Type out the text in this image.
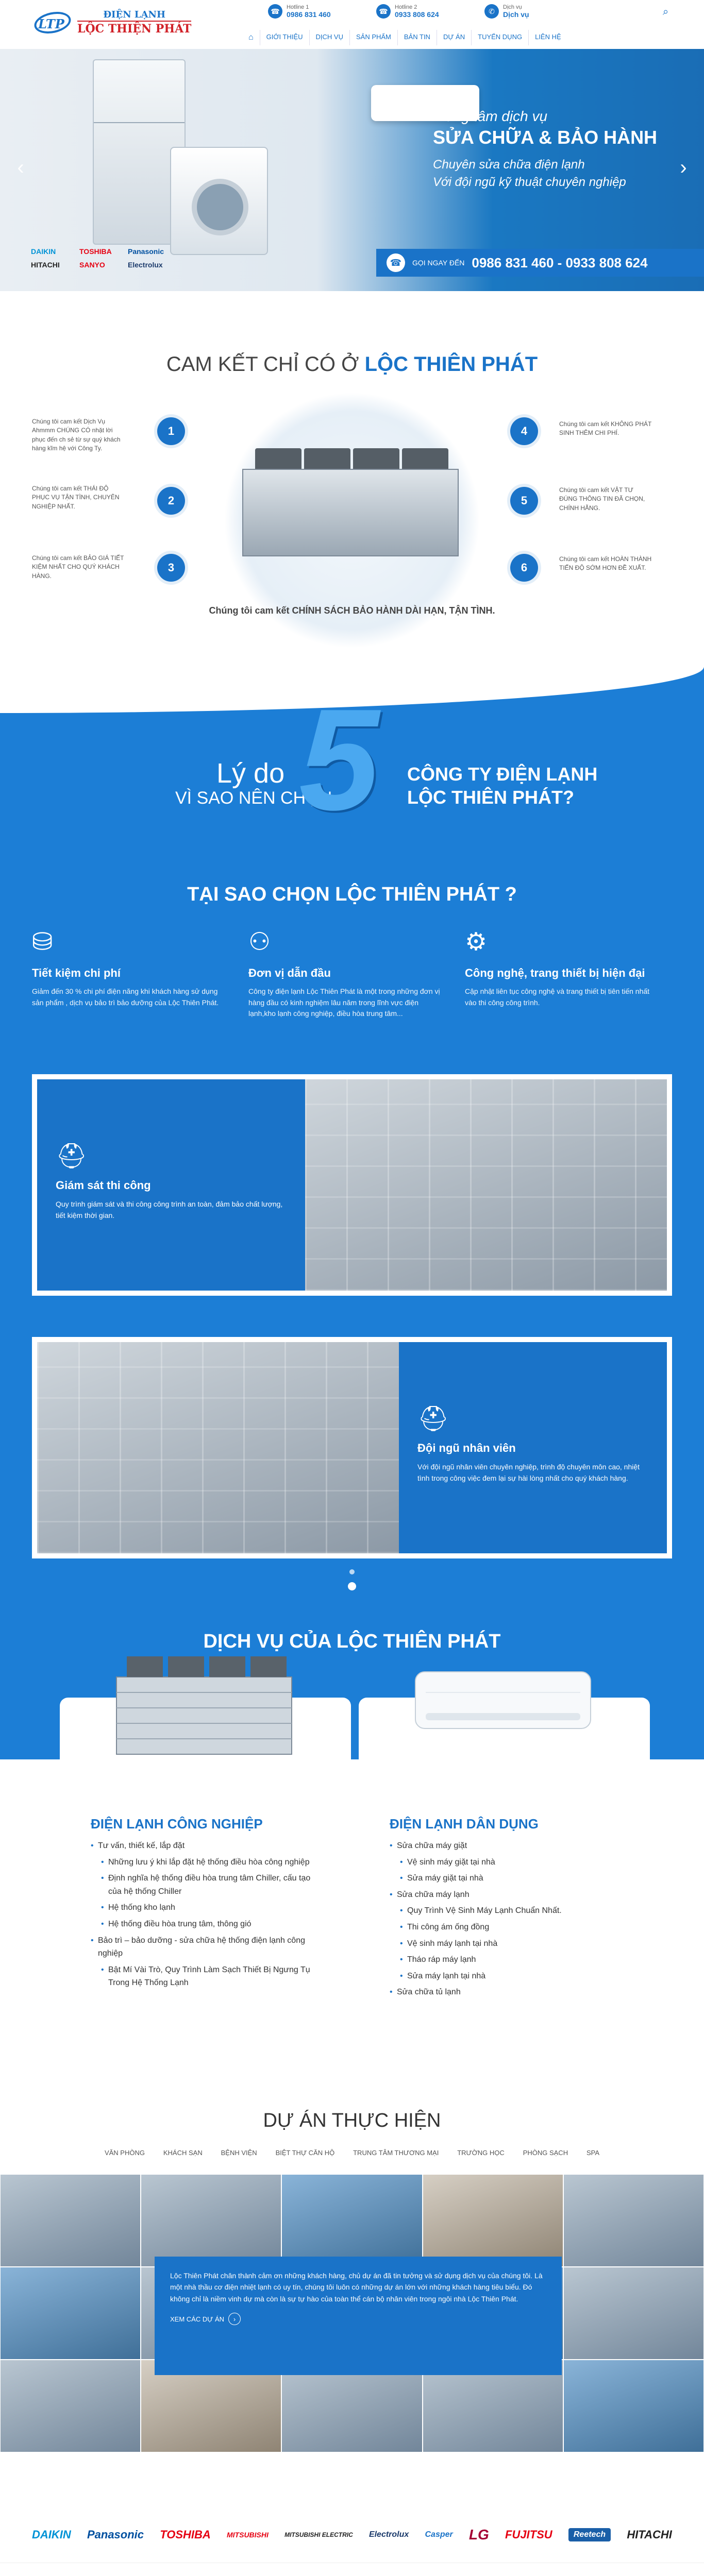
LTP
ĐIỆN LẠNH
LỘC THIỆN PHÁT
☎	Hotline 1
0986 831 460	☎	Hotline 2
0933 808 624	✆	Dịch vụ
Dịch vụ	⌕
⌂	GIỚI THIỆU	DỊCH VỤ	SẢN PHẨM	BẢN TIN	DỰ ÁN	TUYỂN DỤNG	LIÊN HỆ
‹	›
Trung tâm dịch vụ
SỬA CHỮA & BẢO HÀNH
Chuyên sửa chữa điện lạnh
Với đội ngũ kỹ thuật chuyên nghiệp
DAIKIN	TOSHIBA	Panasonic
HITACHI	SANYO	Electrolux	☎	GỌI NGAY ĐẾN 0986 831 460 - 0933 808 624
CAM KẾT CHỈ CÓ Ở LỘC THIÊN PHÁT
Chúng tôi cam kết Dịch Vụ Ahmmm CHÚNG CÓ nhặt lời phục đến ch sẻ từ sự quý khách hàng kĩm hệ với Công Ty.
1
Chúng tôi cam kết THÁI ĐỘ PHỤC VỤ TẬN TÌNH, CHUYÊN NGHIỆP NHẤT.	2
Chúng tôi cam kết BẢO GIÁ TIẾT KIỆM NHẤT CHO QUÝ KHÁCH HÀNG.
3
4
Chúng tôi cam kết KHÔNG PHÁT SINH THÊM CHI PHÍ.
5
Chúng tôi cam kết VẬT TƯ ĐÚNG THÔNG TIN ĐÃ CHỌN, CHÍNH HÃNG.
6
Chúng tôi cam kết HOÀN THÀNH TIẾN ĐỘ SỚM HƠN ĐỀ XUẤT.
Chúng tôi cam kết CHÍNH SÁCH BẢO HÀNH DÀI HẠN, TẬN TÌNH.
Lý do
VÌ SAO NÊN CHỌN
5 CÔNG TY ĐIỆN LẠNH
LỘC THIÊN PHÁT?
TẠI SAO CHỌN LỘC THIÊN PHÁT ?
⛁
Tiết kiệm chi phí

Giảm đến 30 % chi phí điện năng khi khách hàng sử dụng sản phẩm , dịch vụ bảo trì bảo dưỡng của Lộc Thiên Phát.

⚇
Đơn vị dẫn đầu

Công ty điện lạnh Lộc Thiên Phát là một trong những đơn vị hàng đầu có kinh nghiệm lâu năm trong lĩnh vực điện lạnh,kho lạnh công nghiệp, điều hòa trung tâm...

⚙
Công nghệ, trang thiết bị hiện đại

Cập nhật liên tục công nghệ và trang thiết bị tiên tiến nhất vào thi công công trình.

⛑
Giám sát thi công

Quy trình giám sát và thi công công trình an toàn, đảm bảo chất lượng, tiết kiệm thời gian.

⛑
Đội ngũ nhân viên

Với đội ngũ nhân viên chuyên nghiệp, trình độ chuyên môn cao, nhiệt tình trong công việc đem lại sự hài lòng nhất cho quý khách hàng.

DỊCH VỤ CỦA LỘC THIÊN PHÁT
ĐIỆN LẠNH CÔNG NGHIỆP
• Tư vấn, thiết kế, lắp đặt
• Những lưu ý khi lắp đặt hệ thống điều hòa công nghiệp
• Định nghĩa hệ thống điều hòa trung tâm Chiller, cấu tạo của hệ thống Chiller
• Hệ thống kho lạnh
• Hệ thống điều hòa trung tâm, thông gió
• Bảo trì – bảo dưỡng - sửa chữa hệ thống điện lạnh công nghiệp
• Bật Mí Vài Trò, Quy Trình Làm Sạch Thiết Bị Ngưng Tụ Trong Hệ Thống Lạnh
ĐIỆN LẠNH DÂN DỤNG
• Sửa chữa máy giặt
• Vệ sinh máy giặt tại nhà
• Sửa máy giặt tại nhà
• Sửa chữa máy lạnh
• Quy Trình Vệ Sinh Máy Lạnh Chuẩn Nhất.
• Thi công ám ống đồng
• Vệ sinh máy lạnh tại nhà
• Tháo ráp máy lạnh
• Sửa máy lạnh tại nhà
• Sửa chữa tủ lạnh
DỰ ÁN THỰC HIỆN
VĂN PHÒNG	KHÁCH SẠN	BỆNH VIỆN	BIỆT THỰ CĂN HỘ	TRUNG TÂM THƯƠNG MẠI	TRƯỜNG HỌC	PHÒNG SẠCH	SPA

Lộc Thiên Phát chân thành cảm ơn những khách hàng, chủ dự án đã tin tưởng và sử dụng dịch vụ của chúng tôi. Là một nhà thầu cơ điện nhiệt lạnh có uy tín, chúng tôi luôn có những dự án lớn với những khách hàng tiêu biểu. Đó không chỉ là niềm vinh dự mà còn là sự tự hào của toàn thể cán bộ nhân viên trong ngôi nhà Lộc Thiên Phát.

XEM CÁC DỰ ÁN	›
DAIKIN Panasonic TOSHIBA MITSUBISHI	MITSUBISHI ELECTRIC Electrolux Casper LG FUJITSU	Reetech	HITACHI
